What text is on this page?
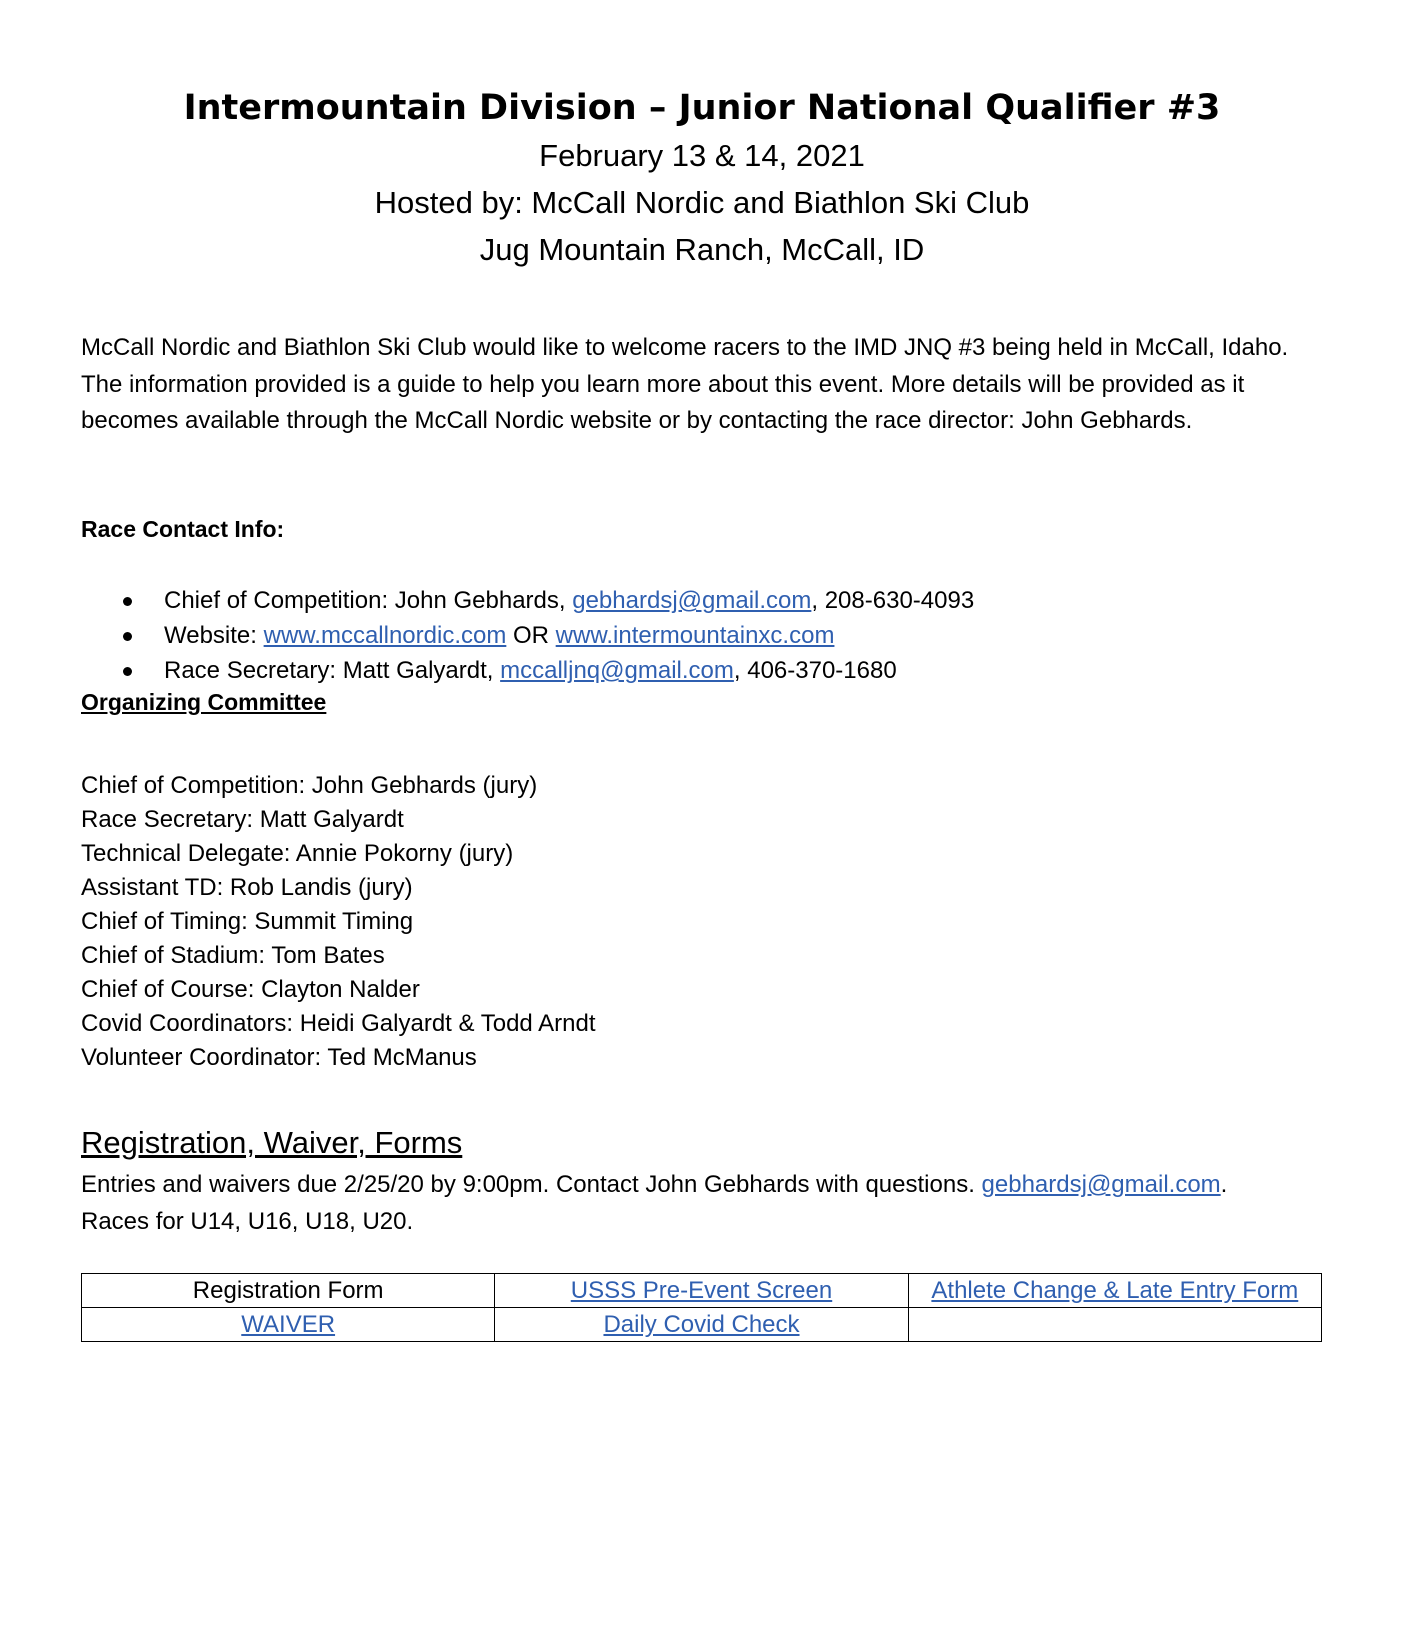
Intermountain Division – Junior National Qualifier #3

February 13 & 14, 2021

Hosted by: McCall Nordic and Biathlon Ski Club

Jug Mountain Ranch, McCall, ID

McCall Nordic and Biathlon Ski Club would like to welcome racers to the IMD JNQ #3 being held in McCall, Idaho. The information provided is a guide to help you learn more about this event. More details will be provided as it becomes available through the McCall Nordic website or by contacting the race director: John Gebhards.

Race Contact Info:

Chief of Competition: John Gebhards, gebhardsj@gmail.com, 208-630-4093
Website: www.mccallnordic.com OR www.intermountainxc.com
Race Secretary: Matt Galyardt, mccalljnq@gmail.com, 406-370-1680

Organizing Committee

Chief of Competition: John Gebhards (jury)
Race Secretary: Matt Galyardt
Technical Delegate: Annie Pokorny (jury)
Assistant TD: Rob Landis (jury)
Chief of Timing: Summit Timing
Chief of Stadium: Tom Bates
Chief of Course: Clayton Nalder
Covid Coordinators: Heidi Galyardt & Todd Arndt
Volunteer Coordinator: Ted McManus
Registration, Waiver, Forms

Entries and waivers due 2/25/20 by 9:00pm. Contact John Gebhards with questions. gebhardsj@gmail.com.
Races for U14, U16, U18, U20.

Registration Form	USSS Pre-Event Screen	Athlete Change & Late Entry Form
WAIVER	Daily Covid Check	
